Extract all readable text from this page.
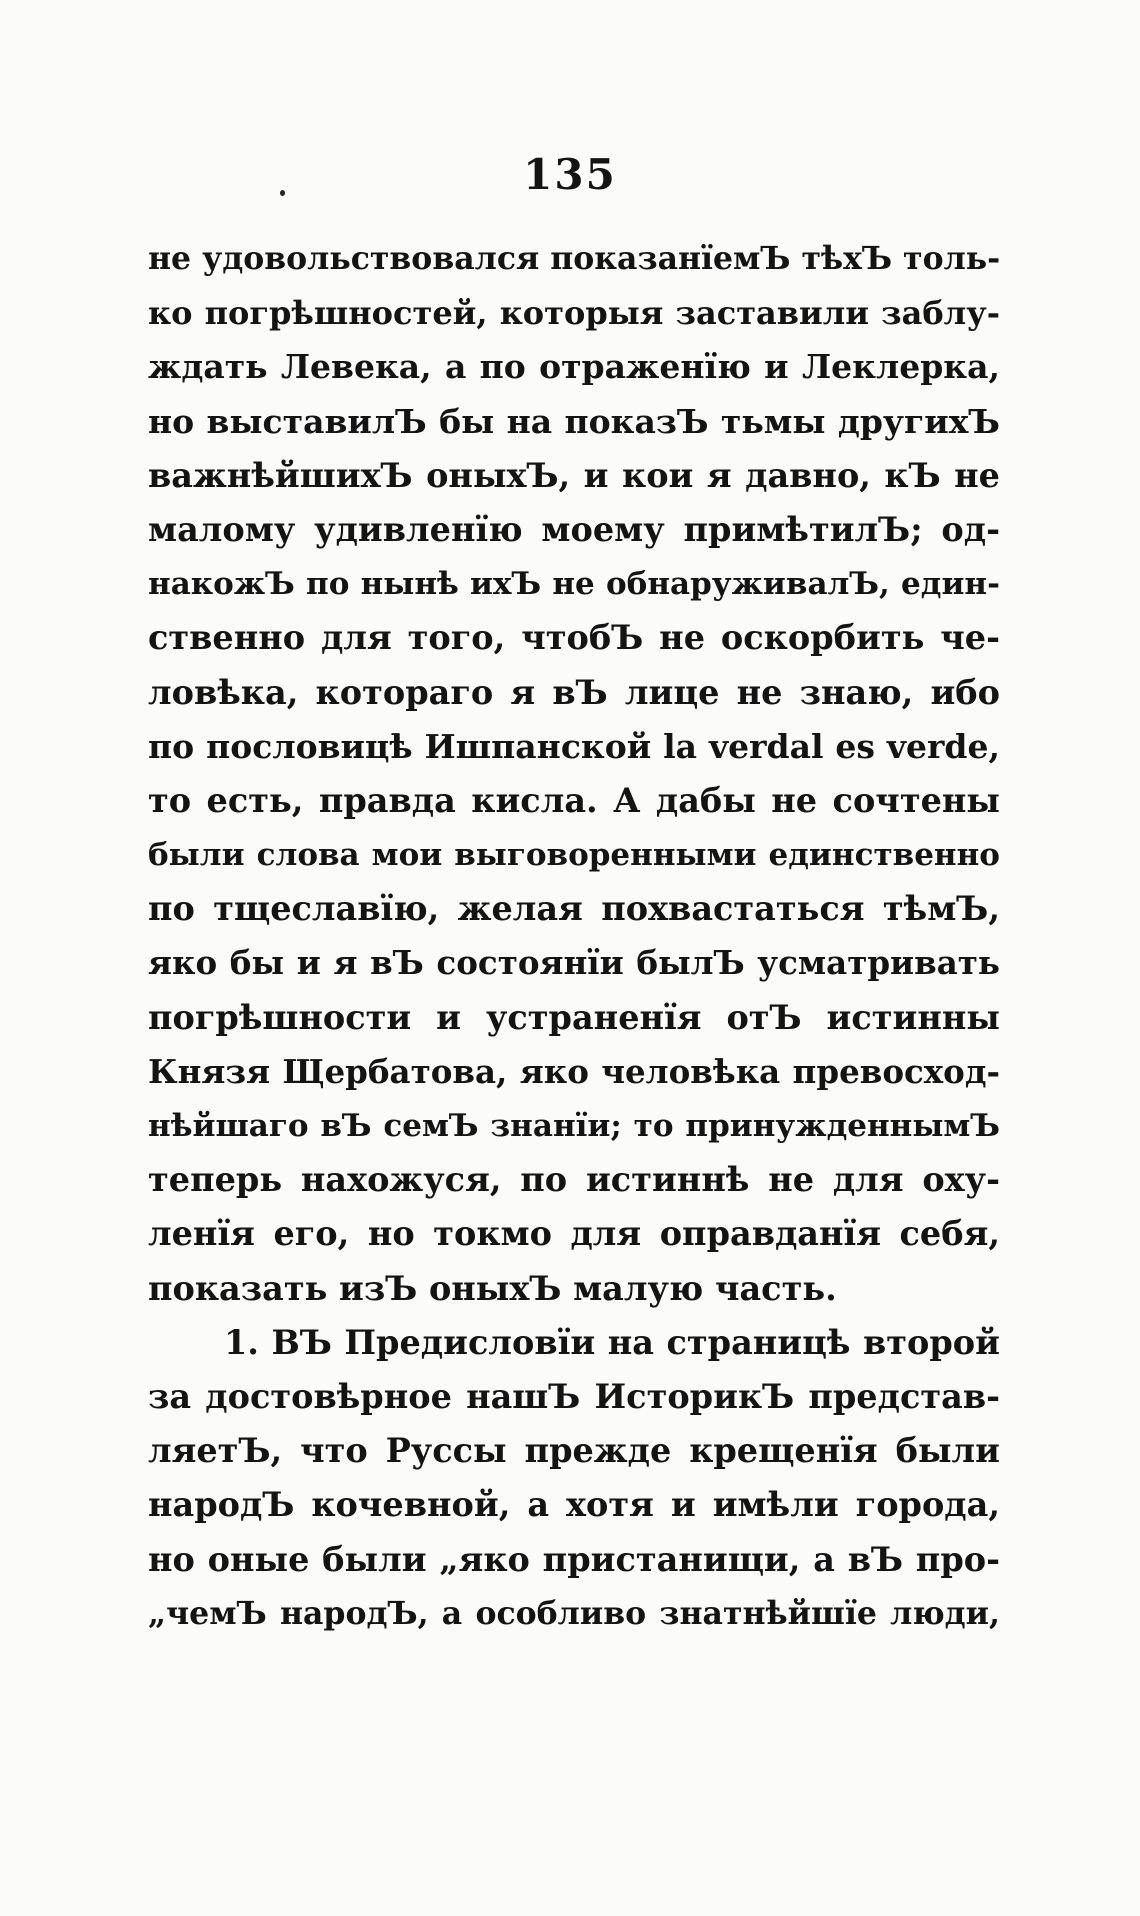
135
не удовольствовался показанїемЪ тѣхЪ толь-
ко погрѣшностей, которыя заставили заблу-
ждать Левека, а по отраженїю и Леклерка,
но выставилЪ бы на показЪ тьмы другихЪ
важнѣйшихЪ оныхЪ, и кои я давно, кЪ не
малому удивленїю моему примѣтилЪ; од-
накожЪ по нынѣ ихЪ не обнаруживалЪ, един-
ственно для того, чтобЪ не оскорбить че-
ловѣка, котораго я вЪ лице не знаю, ибо
по пословицѣ Ишпанской la verdal es verde,
то есть, правда кисла. А дабы не сочтены
были слова мои выговоренными единственно
по тщеславїю, желая похвастаться тѣмЪ,
яко бы и я вЪ состоянїи былЪ усматривать
погрѣшности и устраненїя отЪ истинны
Князя Щербатова, яко человѣка превосход-
нѣйшаго вЪ семЪ знанїи; то принужденнымЪ
теперь нахожуся, по истиннѣ не для оху-
ленїя его, но токмо для оправданїя себя,
показать изЪ оныхЪ малую часть.
1. ВЪ Предисловїи на страницѣ второй
за достовѣрное нашЪ ИсторикЪ представ-
ляетЪ, что Руссы прежде крещенїя были
народЪ кочевной, а хотя и имѣли города,
но оные были „яко пристанищи, а вЪ про-
„чемЪ народЪ, а особливо знатнѣйшїе люди,
